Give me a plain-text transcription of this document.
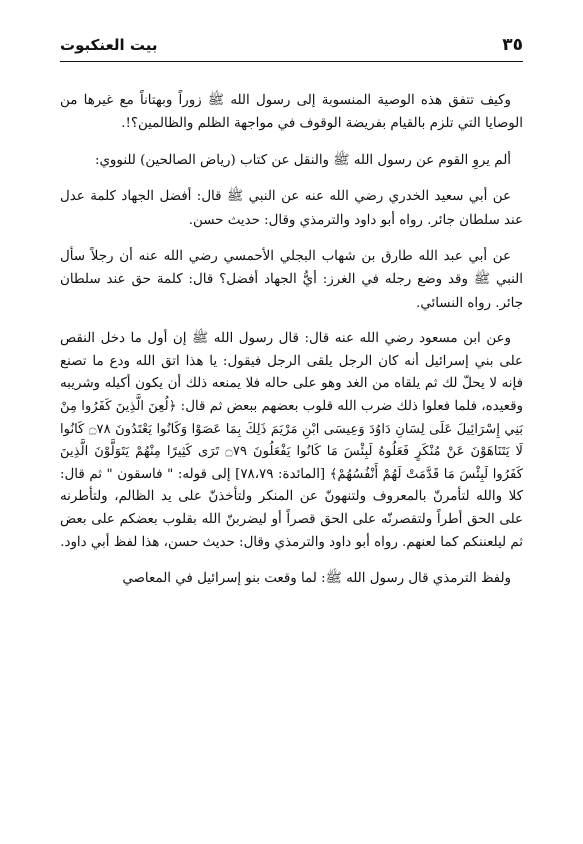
٣٥
بيت العنكبوت

وكيف تتفق هذه الوصية المنسوبة إلى رسول الله ﷺ زوراً وبهتاناً مع غيرها من الوصايا التي تلزم بالقيام بفريضة الوقوف في مواجهة الظلم والظالمين؟!.

ألم يروِ القوم عن رسول الله ﷺ والنقل عن كتاب (رياض الصالحين) للنووي:

عن أبي سعيد الخدري رضي الله عنه عن النبي ﷺ قال: أفضل الجهاد كلمة عدل عند سلطان جائر. رواه أبو داود والترمذي وقال: حديث حسن.

عن أبي عبد الله طارق بن شهاب البجلي الأحمسي رضي الله عنه أن رجلاً سأل النبي ﷺ وقد وضع رجله في الغرز: أيُّ الجهاد أفضل؟ قال: كلمة حق عند سلطان جائر. رواه النسائي.

وعن ابن مسعود رضي الله عنه قال: قال رسول الله ﷺ إن أول ما دخل النقص على بني إسرائيل أنه كان الرجل يلقى الرجل فيقول: يا هذا اتق الله ودع ما تصنع فإنه لا يحلّ لك ثم يلقاه من الغد وهو على حاله فلا يمنعه ذلك أن يكون أكيله وشريبه وقعيده، فلما فعلوا ذلك ضرب الله قلوب بعضهم ببعض ثم قال: ﴿لُعِنَ الَّذِينَ كَفَرُوا مِنْ بَنِي إِسْرَائِيلَ عَلَى لِسَانِ دَاوُدَ وَعِيسَى ابْنِ مَرْيَمَ ذَلِكَ بِمَا عَصَوْا وَكَانُوا يَعْتَدُونَ ۝٧٨ كَانُوا لَا يَتَنَاهَوْنَ عَنْ مُنْكَرٍ فَعَلُوهُ لَبِئْسَ مَا كَانُوا يَفْعَلُونَ ۝٧٩ تَرَى كَثِيرًا مِنْهُمْ يَتَوَلَّوْنَ الَّذِينَ كَفَرُوا لَبِئْسَ مَا قَدَّمَتْ لَهُمْ أَنْفُسُهُمْ﴾ [المائدة: ٧٨،٧٩] إلى قوله: " فاسقون " ثم قال: كلا والله لتأمرنّ بالمعروف ولتنهونّ عن المنكر ولتأخذنّ على يد الظالم، ولتأطرنه على الحق أطراً ولتقصرنّه على الحق قصراً أو ليضربنّ الله بقلوب بعضكم على بعض ثم ليلعننكم كما لعنهم. رواه أبو داود والترمذي وقال: حديث حسن، هذا لفظ أبي داود.

ولفظ الترمذي قال رسول الله ﷺ: لما وقعت بنو إسرائيل في المعاصي
